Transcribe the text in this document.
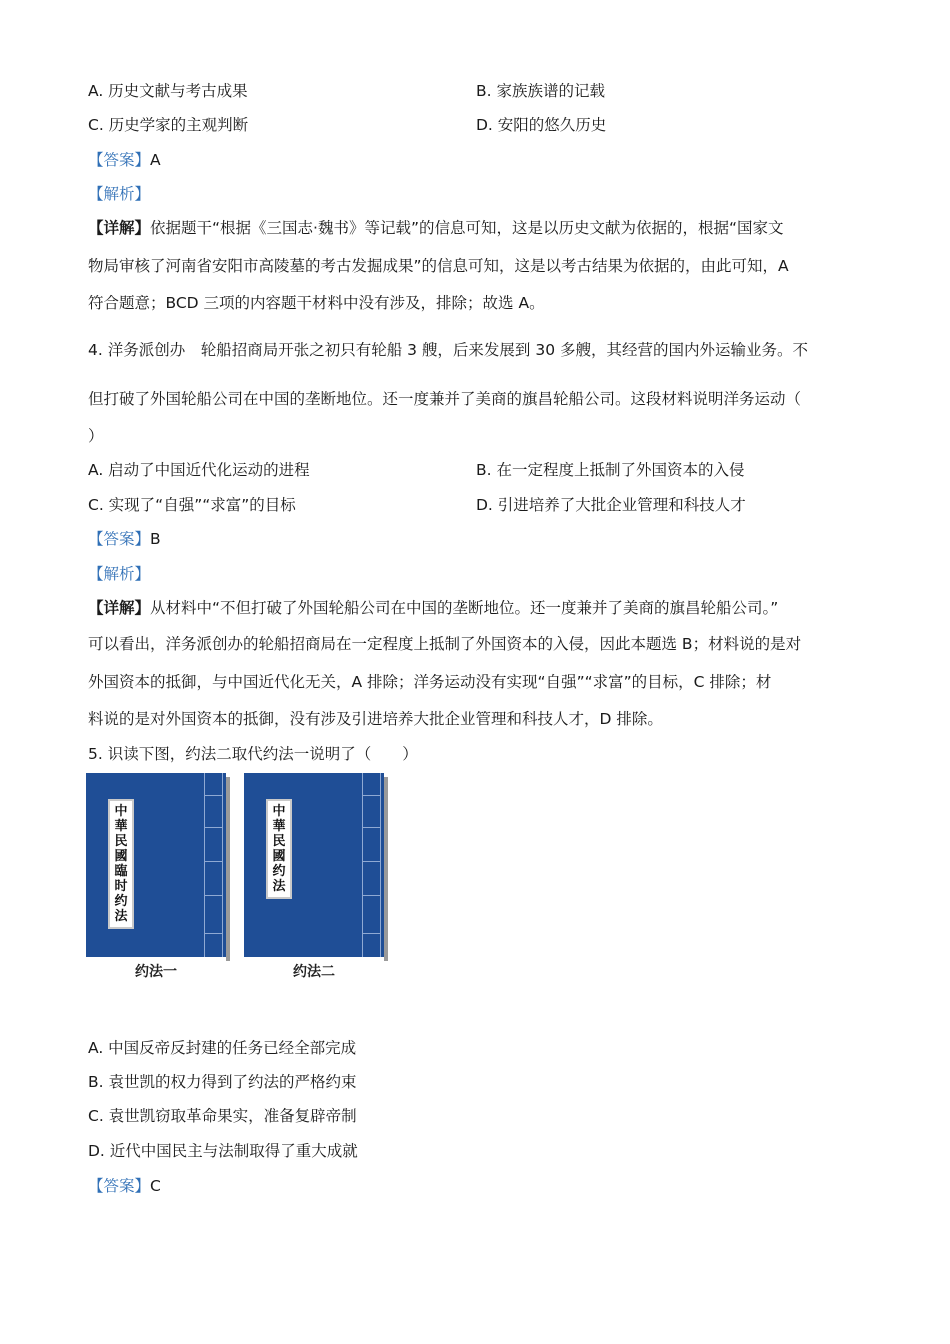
A. 历史文献与考古成果	B. 家族族谱的记载
C. 历史学家的主观判断	D. 安阳的悠久历史
【答案】A
【解析】
【详解】依据题干“根据《三国志·魏书》等记载”的信息可知，这是以历史文献为依据的，根据“国家文
物局审核了河南省安阳市高陵墓的考古发掘成果”的信息可知，这是以考古结果为依据的，由此可知，A
符合题意；BCD 三项的内容题干材料中没有涉及，排除；故选 A。
4. 洋务派创办　轮船招商局开张之初只有轮船 3 艘，后来发展到 30 多艘，其经营的国内外运输业务。不
但打破了外国轮船公司在中国的垄断地位。还一度兼并了美商的旗昌轮船公司。这段材料说明洋务运动（
）
A. 启动了中国近代化运动的进程	B. 在一定程度上抵制了外国资本的入侵
C. 实现了“自强”“求富”的目标	D. 引进培养了大批企业管理和科技人才
【答案】B
【解析】
【详解】从材料中“不但打破了外国轮船公司在中国的垄断地位。还一度兼并了美商的旗昌轮船公司。”
可以看出，洋务派创办的轮船招商局在一定程度上抵制了外国资本的入侵，因此本题选 B；材料说的是对
外国资本的抵御，与中国近代化无关，A 排除；洋务运动没有实现“自强”“求富”的目标，C 排除；材
料说的是对外国资本的抵御，没有涉及引进培养大批企业管理和科技人才，D 排除。
5. 识读下图，约法二取代约法一说明了（　　）
中華民國臨时约法
约法一
中華民國约法
约法二
A. 中国反帝反封建的任务已经全部完成
B. 袁世凯的权力得到了约法的严格约束
C. 袁世凯窃取革命果实，准备复辟帝制
D. 近代中国民主与法制取得了重大成就
【答案】C
